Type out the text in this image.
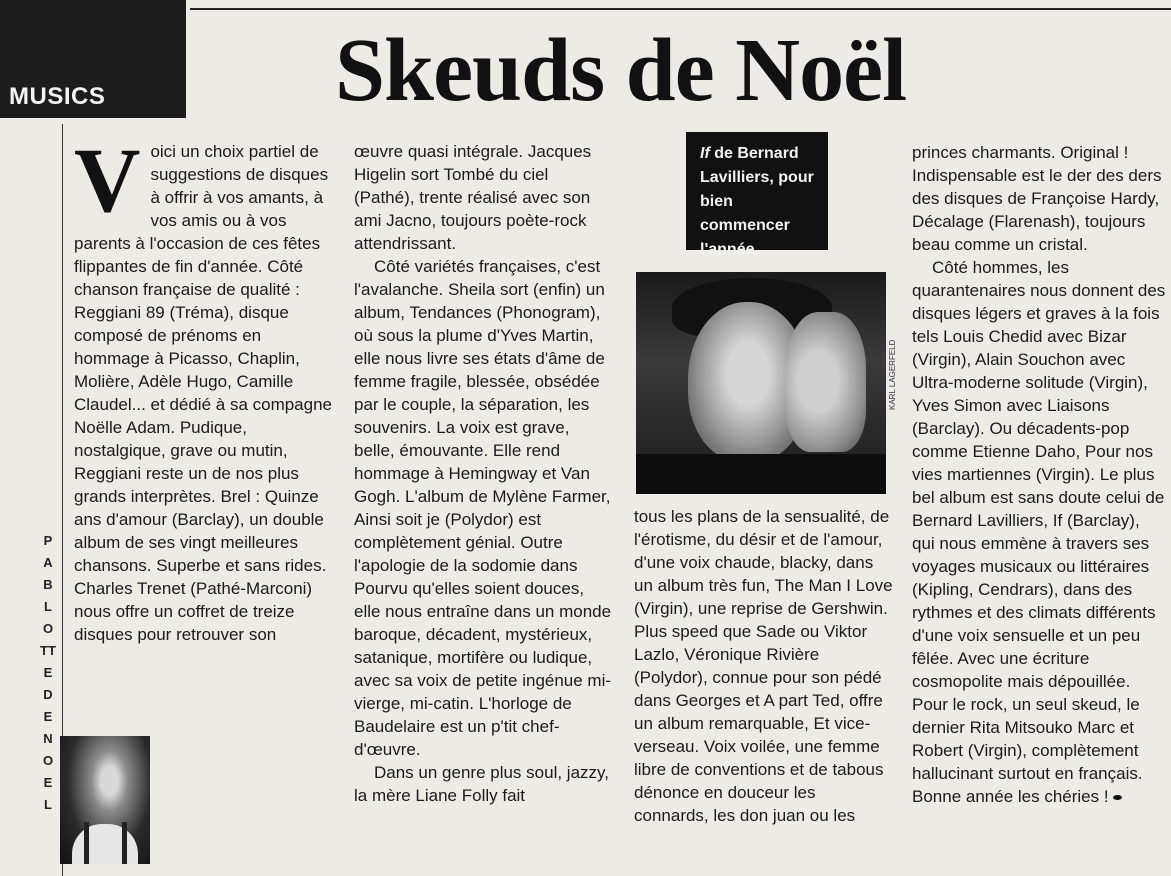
MUSICS	Skeuds de Noël
PABLOTTE DE NOEL
V oici un choix partiel de suggestions de disques à offrir à vos amants, à vos amis ou à vos parents à l'occasion de ces fêtes flippantes de fin d'année. Côté chanson française de qualité : Reggiani 89 (Tréma), disque composé de prénoms en hommage à Picasso, Chaplin, Molière, Adèle Hugo, Camille Claudel... et dédié à sa compagne Noëlle Adam. Pudique, nostalgique, grave ou mutin, Reggiani reste un de nos plus grands interprètes. Brel : Quinze ans d'amour (Barclay), un double album de ses vingt meilleures chansons. Superbe et sans rides. Charles Trenet (Pathé-Marconi) nous offre un coffret de treize disques pour retrouver son

œuvre quasi intégrale. Jacques Higelin sort Tombé du ciel (Pathé), trente réalisé avec son ami Jacno, toujours poète-rock attendrissant.

Côté variétés françaises, c'est l'avalanche. Sheila sort (enfin) un album, Tendances (Phonogram), où sous la plume d'Yves Martin, elle nous livre ses états d'âme de femme fragile, blessée, obsédée par le couple, la séparation, les souvenirs. La voix est grave, belle, émouvante. Elle rend hommage à Hemingway et Van Gogh. L'album de Mylène Farmer, Ainsi soit je (Polydor) est complètement génial. Outre l'apologie de la sodomie dans Pourvu qu'elles soient douces, elle nous entraîne dans un monde baroque, décadent, mystérieux, satanique, mortifère ou ludique, avec sa voix de petite ingénue mi-vierge, mi-catin. L'horloge de Baudelaire est un p'tit chef-d'œuvre.

Dans un genre plus soul, jazzy, la mère Liane Folly fait

If de Bernard Lavilliers, pour bien commencer l'année.
KARL LAGERFELD

tous les plans de la sensualité, de l'érotisme, du désir et de l'amour, d'une voix chaude, blacky, dans un album très fun, The Man I Love (Virgin), une reprise de Gershwin. Plus speed que Sade ou Viktor Lazlo, Véronique Rivière (Polydor), connue pour son pédé dans Georges et A part Ted, offre un album remarquable, Et vice-verseau. Voix voilée, une femme libre de conventions et de tabous dénonce en douceur les connards, les don juan ou les

princes charmants. Original ! Indispensable est le der des ders des disques de Françoise Hardy, Décalage (Flarenash), toujours beau comme un cristal.

Côté hommes, les quarantenaires nous donnent des disques légers et graves à la fois tels Louis Chedid avec Bizar (Virgin), Alain Souchon avec Ultra-moderne solitude (Virgin), Yves Simon avec Liaisons (Barclay). Ou décadents-pop comme Etienne Daho, Pour nos vies martiennes (Virgin). Le plus bel album est sans doute celui de Bernard Lavilliers, If (Barclay), qui nous emmène à travers ses voyages musicaux ou littéraires (Kipling, Cendrars), dans des rythmes et des climats différents d'une voix sensuelle et un peu fêlée. Avec une écriture cosmopolite mais dépouillée. Pour le rock, un seul skeud, le dernier Rita Mitsouko Marc et Robert (Virgin), complètement hallucinant surtout en français. Bonne année les chéries !
